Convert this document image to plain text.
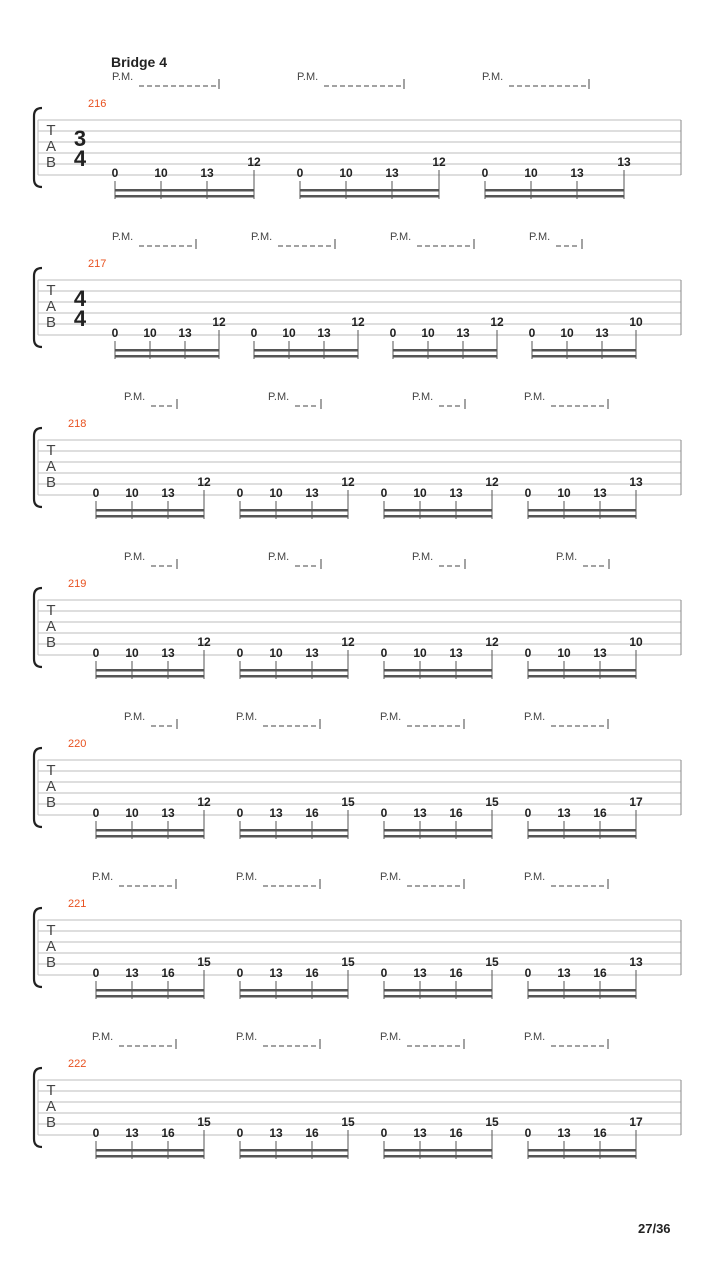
Bridge 4
P.M.	P.M.	P.M.
216
T
A
B
3
4
0	10	13
12
0	10	13
12
0	10	13
13
P.M.	P.M.	P.M.	P.M.
217
T
A
B
4
4
0 10 13
12
0 10 13
12
0 10 13
12
0 10 13
10
P.M.	P.M.	P.M.	P.M.
218
T
A
B
0 10 13
12
0 10 13
12
0 10 13
12
0 10 13
13
P.M.	P.M.	P.M.	P.M.
219
T
A
B
0 10 13
12
0 10 13
12
0 10 13
12
0 10 13
10
P.M.	P.M.	P.M.	P.M.
220
T
A
B
0 10 13
12
0 13 16
15
0 13 16
15
0 13 16
17
P.M.	P.M.	P.M.	P.M.
221
T
A
B
0 13 16
15
0 13 16
15
0 13 16
15
0 13 16
13
P.M.	P.M.	P.M.	P.M.
222
T
A
B
0 13 16
15
0 13 16
15
0 13 16
15
0 13 16
17
27/36
